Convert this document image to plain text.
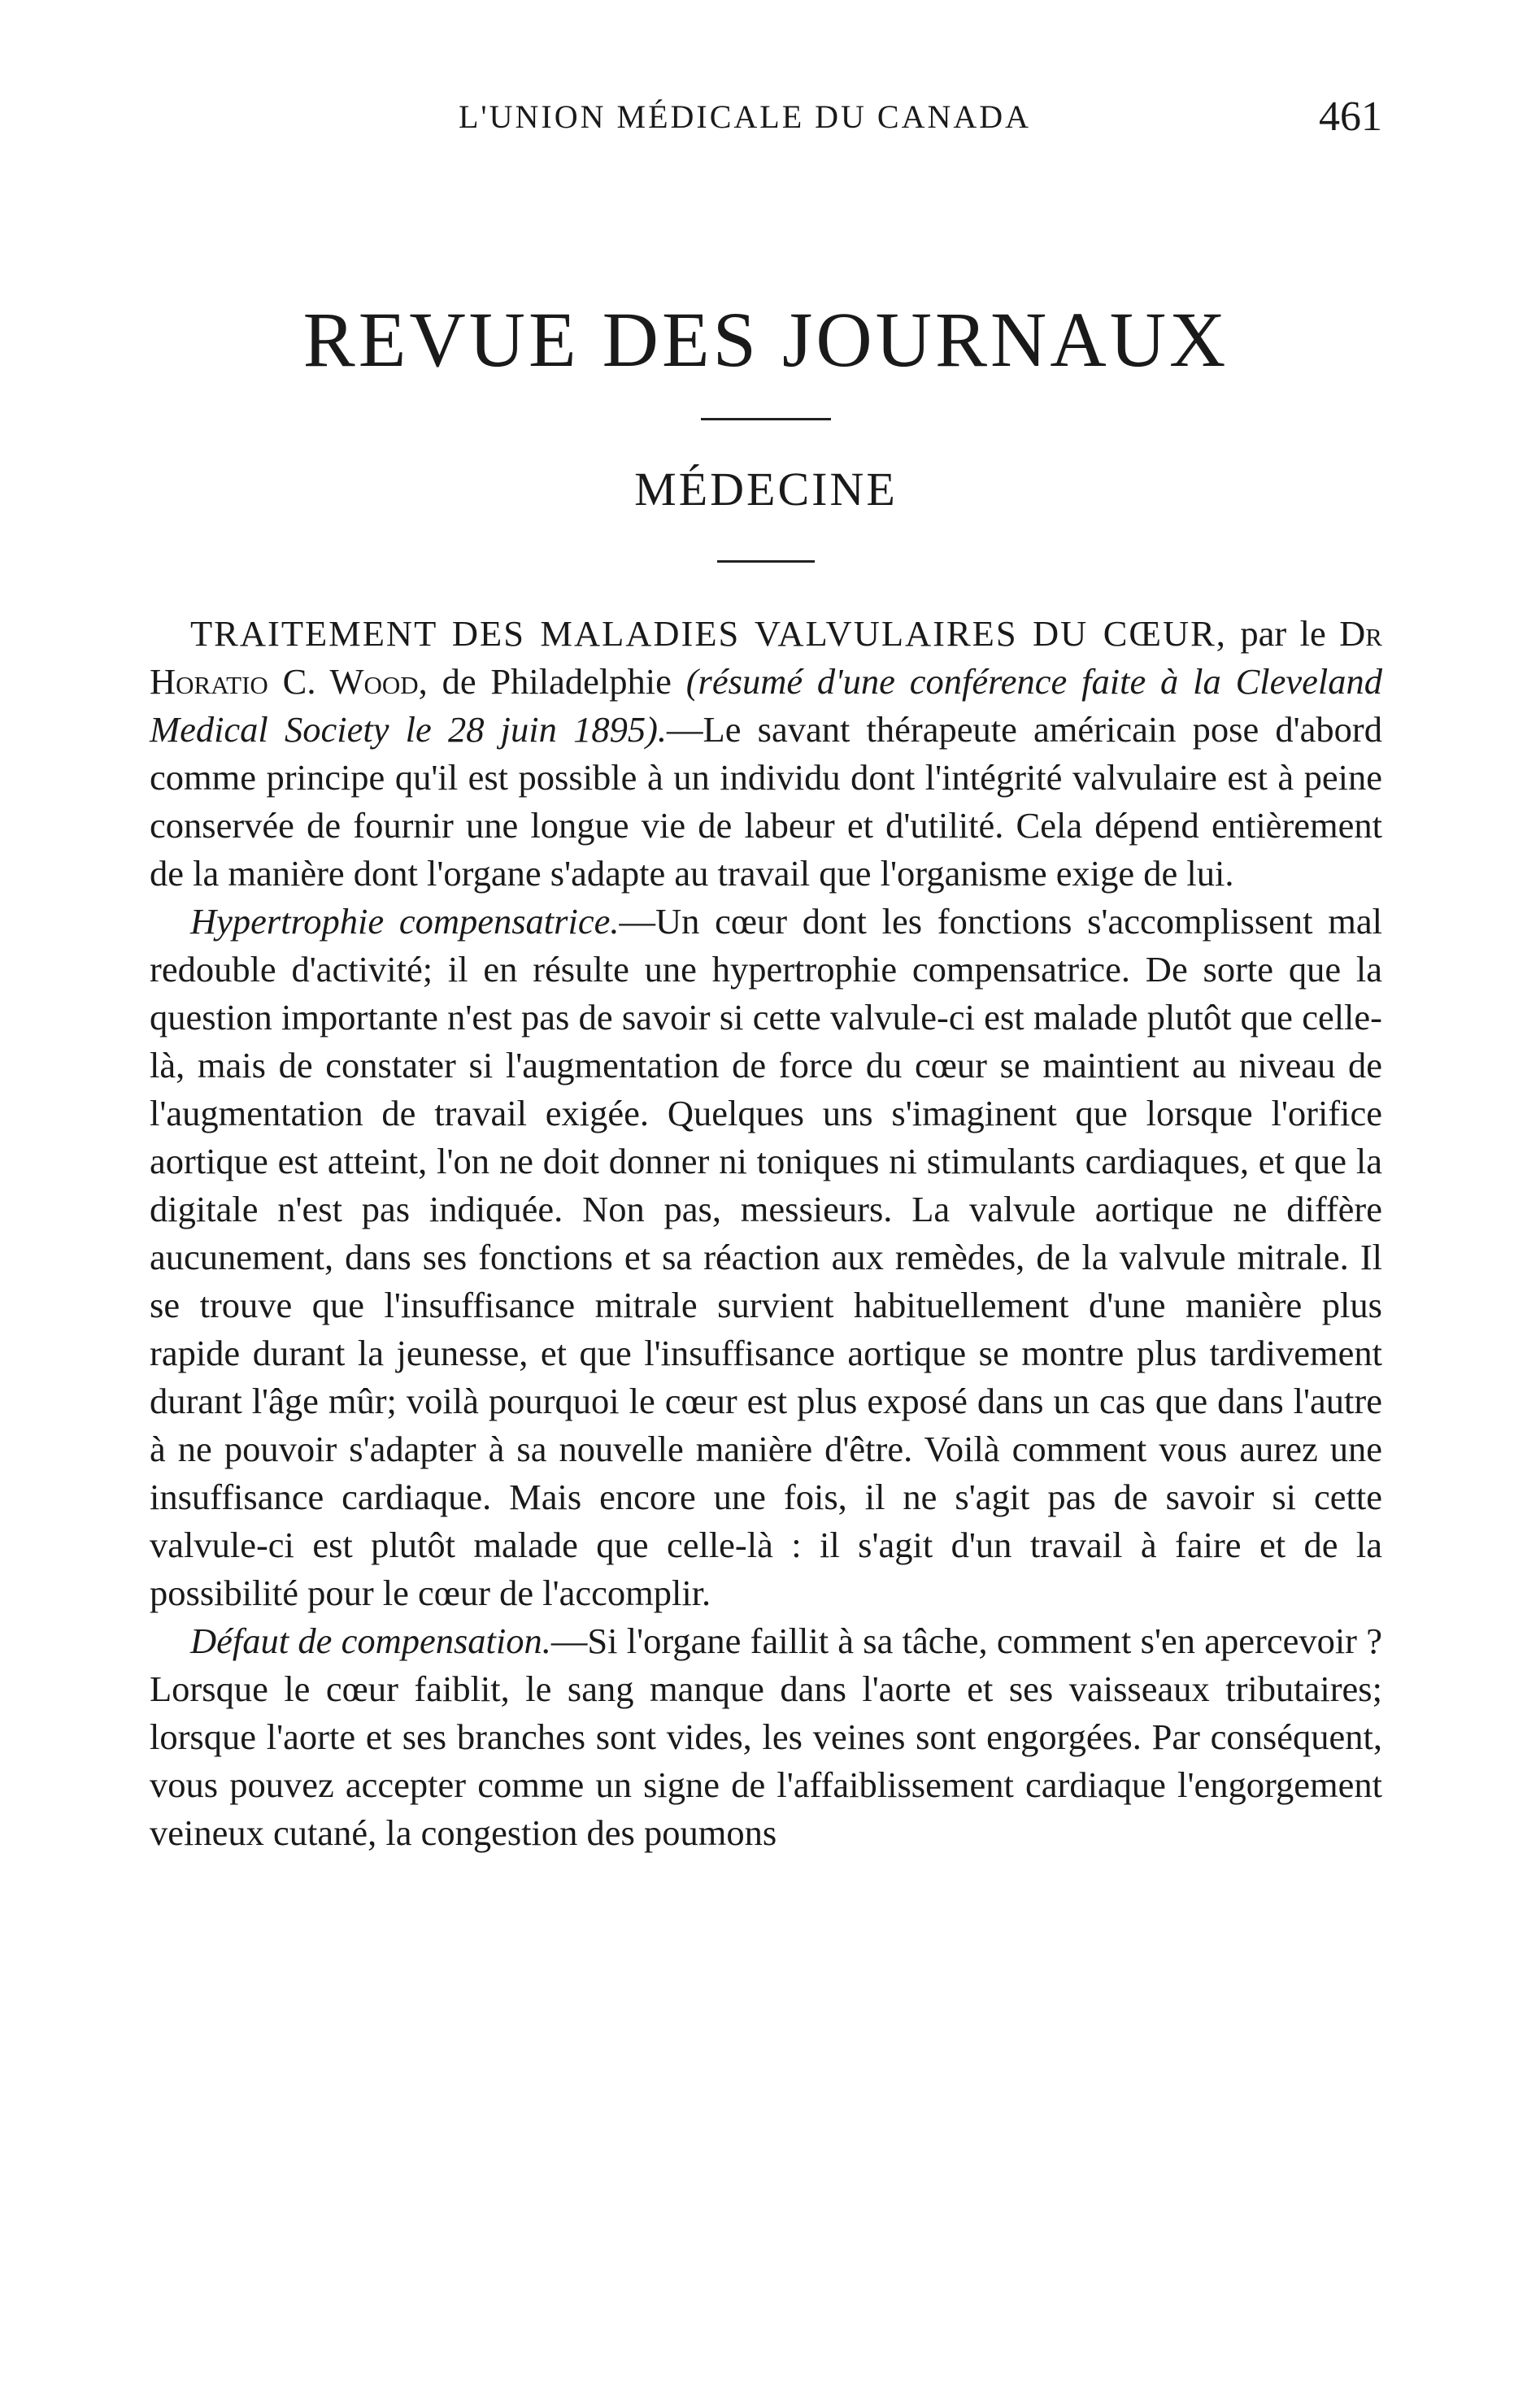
L'UNION MÉDICALE DU CANADA	461
REVUE DES JOURNAUX
MÉDECINE

TRAITEMENT DES MALADIES VALVULAIRES DU CŒUR, par le Dr Horatio C. Wood, de Philadelphie (résumé d'une conférence faite à la Cleveland Medical Society le 28 juin 1895).—Le savant thérapeute américain pose d'abord comme principe qu'il est possible à un individu dont l'intégrité valvulaire est à peine conservée de fournir une longue vie de labeur et d'utilité. Cela dépend entièrement de la manière dont l'organe s'adapte au travail que l'organisme exige de lui.

Hypertrophie compensatrice.—Un cœur dont les fonctions s'accomplissent mal redouble d'activité; il en résulte une hypertrophie compensatrice. De sorte que la question importante n'est pas de savoir si cette valvule-ci est malade plutôt que celle-là, mais de constater si l'augmentation de force du cœur se maintient au niveau de l'augmentation de travail exigée. Quelques uns s'imaginent que lorsque l'orifice aortique est atteint, l'on ne doit donner ni toniques ni stimulants cardiaques, et que la digitale n'est pas indiquée. Non pas, messieurs. La valvule aortique ne diffère aucunement, dans ses fonctions et sa réaction aux remèdes, de la valvule mitrale. Il se trouve que l'insuffisance mitrale survient habituellement d'une manière plus rapide durant la jeunesse, et que l'insuffisance aortique se montre plus tardivement durant l'âge mûr; voilà pourquoi le cœur est plus exposé dans un cas que dans l'autre à ne pouvoir s'adapter à sa nouvelle manière d'être. Voilà comment vous aurez une insuffisance cardiaque. Mais encore une fois, il ne s'agit pas de savoir si cette valvule-ci est plutôt malade que celle-là : il s'agit d'un travail à faire et de la possibilité pour le cœur de l'accomplir.

Défaut de compensation.—Si l'organe faillit à sa tâche, comment s'en apercevoir ? Lorsque le cœur faiblit, le sang manque dans l'aorte et ses vaisseaux tributaires; lorsque l'aorte et ses branches sont vides, les veines sont engorgées. Par conséquent, vous pouvez accepter comme un signe de l'affaiblissement cardiaque l'engorgement veineux cutané, la congestion des poumons
